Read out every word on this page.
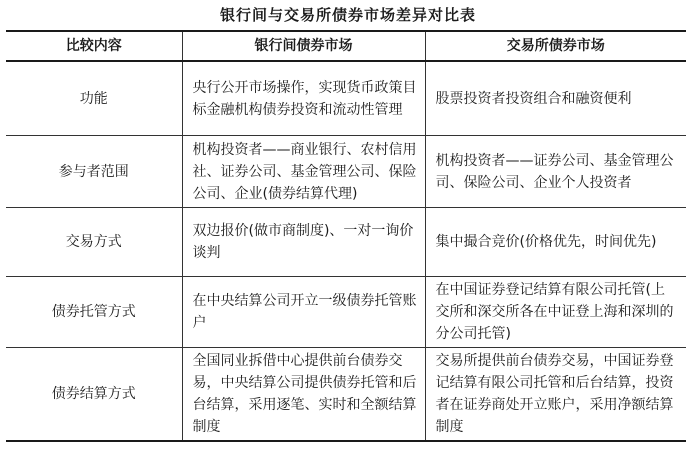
银行间与交易所债券市场差异对比表
比较内容	银行间债券市场	交易所债券市场
功能	央行公开市场操作，实现货币政策目标金融机构债券投资和流动性管理	股票投资者投资组合和融资便利
参与者范围	机构投资者——商业银行、农村信用社、证券公司、基金管理公司、保险公司、企业(债券结算代理)	机构投资者——证券公司、基金管理公司、保险公司、企业个人投资者
交易方式	双边报价(做市商制度)、一对一询价谈判	集中撮合竞价(价格优先，时间优先)
债券托管方式	在中央结算公司开立一级债券托管账户	在中国证券登记结算有限公司托管(上交所和深交所各在中证登上海和深圳的分公司托管)
债券结算方式	全国同业拆借中心提供前台债券交易，中央结算公司提供债券托管和后台结算，采用逐笔、实时和全额结算制度	交易所提供前台债券交易，中国证券登记结算有限公司托管和后台结算，投资者在证券商处开立账户，采用净额结算制度
